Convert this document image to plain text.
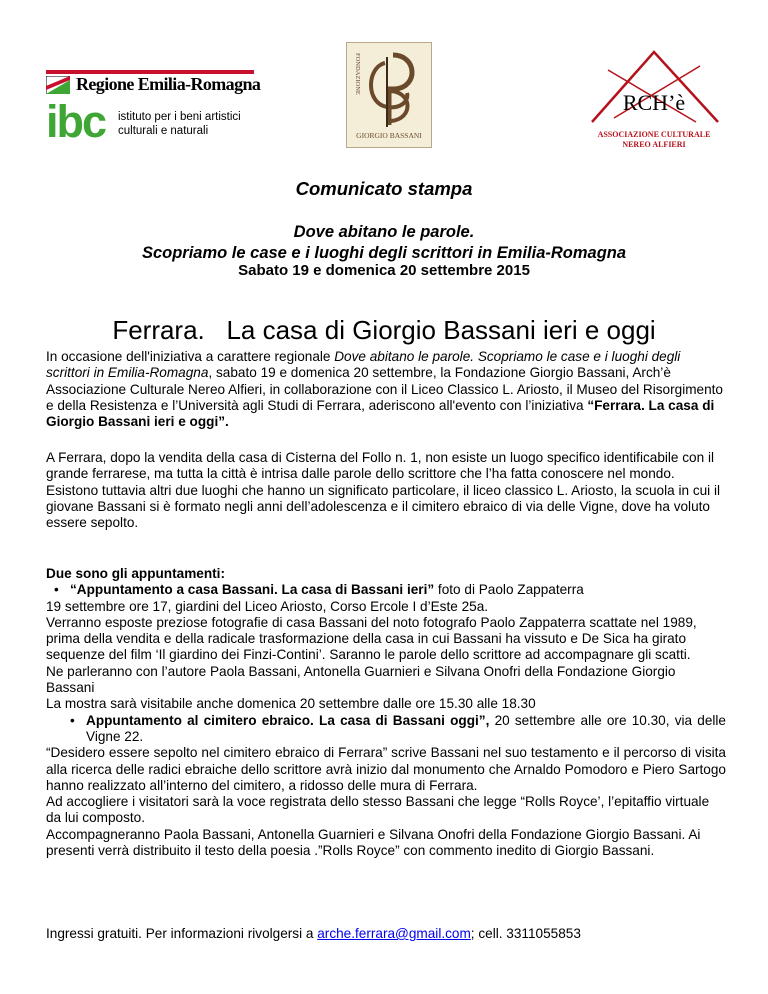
Regione Emilia-Romagna
ibc istituto per i beni artistici
culturali e naturali
FONDAZIONE
GIORGIO BASSANI
RCH’è
ASSOCIAZIONE CULTURALE
NEREO ALFIERI
Comunicato stampa
Dove abitano le parole.
Scopriamo le case e i luoghi degli scrittori in Emilia-Romagna
Sabato 19 e domenica 20 settembre 2015
Ferrara.   La casa di Giorgio Bassani ieri e oggi
In occasione dell'iniziativa a carattere regionale Dove abitano le parole. Scopriamo le case e i luoghi degli scrittori in Emilia-Romagna, sabato 19 e domenica 20 settembre, la Fondazione Giorgio Bassani, Arch’è Associazione Culturale Nereo Alfieri, in collaborazione con il Liceo Classico L. Ariosto, il Museo del Risorgimento e della Resistenza e l’Università agli Studi di Ferrara, aderiscono all'evento con l’iniziativa “Ferrara. La casa di Giorgio Bassani ieri e oggi”.
A Ferrara, dopo la vendita della casa di Cisterna del Follo n. 1, non esiste un luogo specifico identificabile con il grande ferrarese, ma tutta la città è intrisa dalle parole dello scrittore che l’ha fatta conoscere nel mondo.
Esistono tuttavia altri due luoghi che hanno un significato particolare, il liceo classico L. Ariosto, la scuola in cui il giovane Bassani si è formato negli anni dell’adolescenza e il cimitero ebraico di via delle Vigne, dove ha voluto essere sepolto.
Due sono gli appuntamenti:
• “Appuntamento a casa Bassani. La casa di Bassani ieri” foto di Paolo Zappaterra
19 settembre ore 17, giardini del Liceo Ariosto, Corso Ercole I d’Este 25a.
Verranno esposte preziose fotografie di casa Bassani del noto fotografo Paolo Zappaterra scattate nel 1989, prima della vendita e della radicale trasformazione della casa in cui Bassani ha vissuto e De Sica ha girato sequenze del film ‘Il giardino dei Finzi-Contini’. Saranno le parole dello scrittore ad accompagnare gli scatti.
Ne parleranno con l’autore Paola Bassani, Antonella Guarnieri e Silvana Onofri della Fondazione Giorgio Bassani
La mostra sarà visitabile anche domenica 20 settembre dalle ore 15.30 alle 18.30
• Appuntamento al cimitero ebraico. La casa di Bassani oggi”, 20 settembre alle ore 10.30, via delle Vigne 22.
“Desidero essere sepolto nel cimitero ebraico di Ferrara” scrive Bassani nel suo testamento e il percorso di visita alla ricerca delle radici ebraiche dello scrittore avrà inizio dal monumento che Arnaldo Pomodoro e Piero Sartogo hanno realizzato all’interno del cimitero, a ridosso delle mura di Ferrara.
Ad accogliere i visitatori sarà la voce registrata dello stesso Bassani che legge “Rolls Royce’, l’epitaffio virtuale da lui composto.
Accompagneranno Paola Bassani, Antonella Guarnieri e Silvana Onofri della Fondazione Giorgio Bassani. Ai presenti verrà distribuito il testo della poesia .”Rolls Royce” con commento inedito di Giorgio Bassani.
Ingressi gratuiti. Per informazioni rivolgersi a arche.ferrara@gmail.com; cell. 3311055853
